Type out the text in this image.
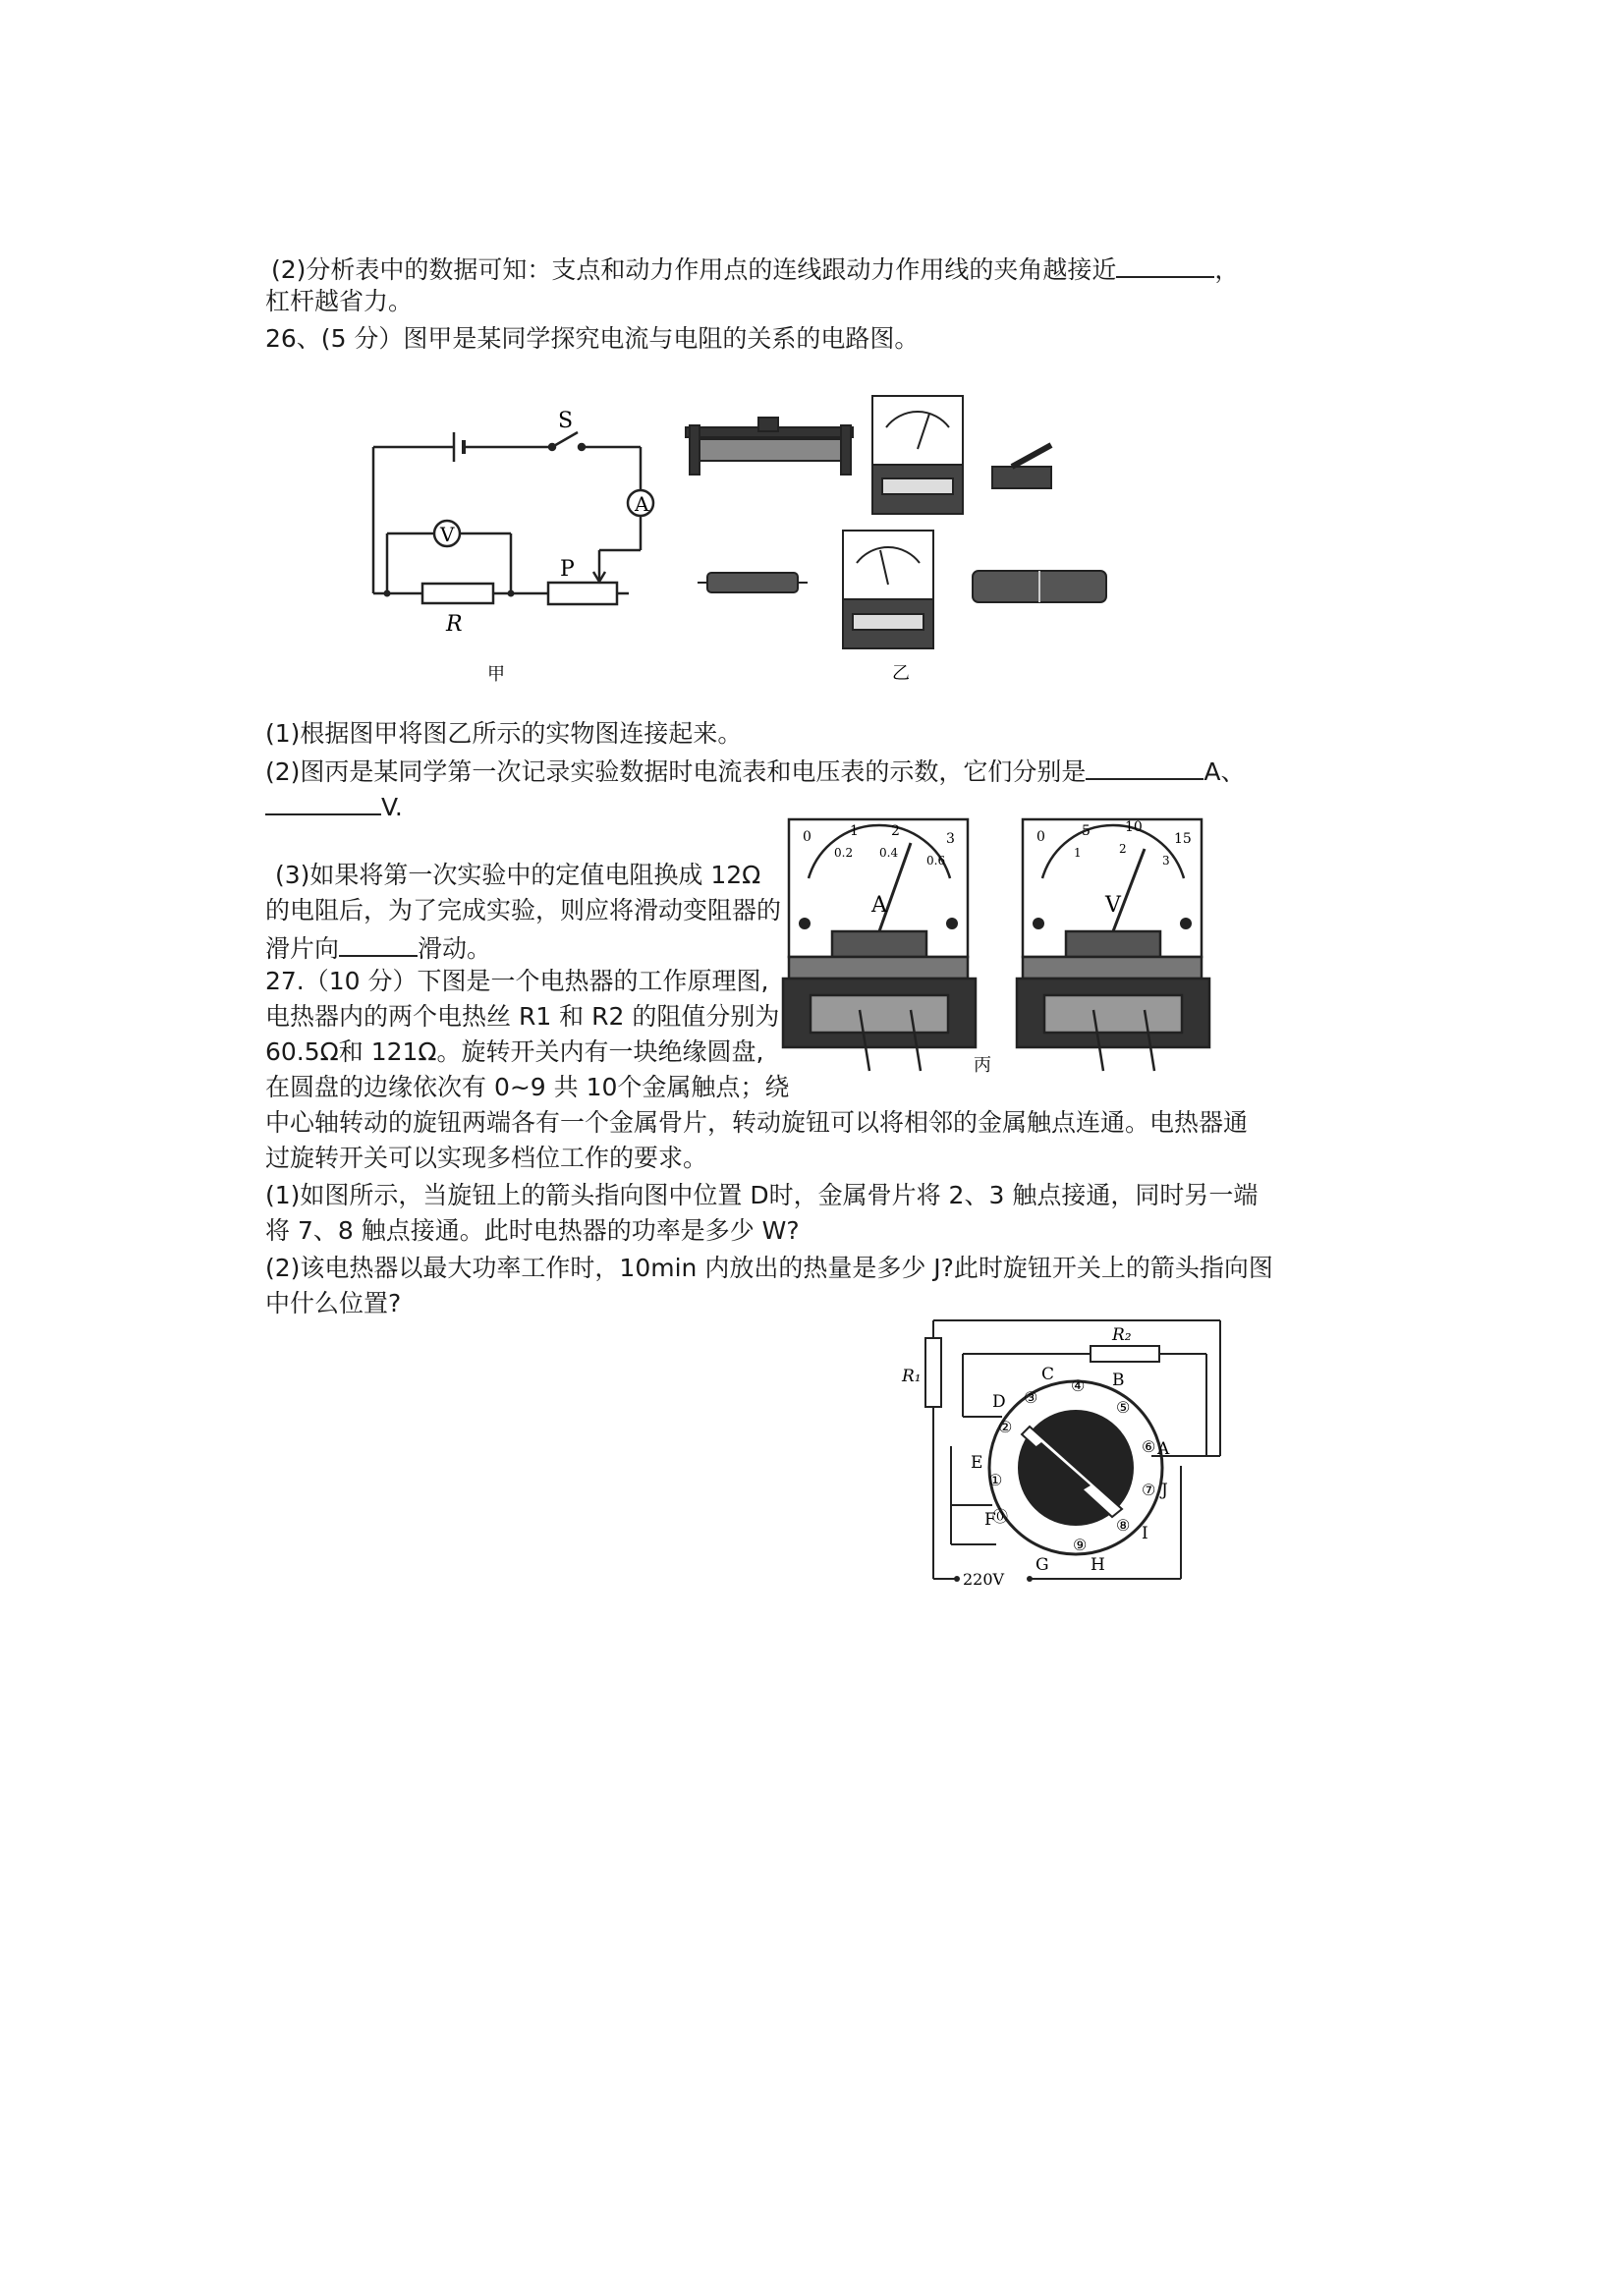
(2)分析表中的数据可知：支点和动力作用点的连线跟动力作用线的夹角越接近	，
杠杆越省力。
26、(5 分）图甲是某同学探究电流与电阻的关系的电路图。
S
A
V
P
R
甲	乙
(1)根据图甲将图乙所示的实物图连接起来。
(2)图丙是某同学第一次记录实验数据时电流表和电压表的示数，它们分别是	A、
V.
(3)如果将第一次实验中的定值电阻换成 12Ω
的电阻后，为了完成实验，则应将滑动变阻器的
滑片向	滑动。
0	1 2	3
0.2 0.4
0.6
A
0	5	10
15
1	2
3
V
丙
27.（10 分）下图是一个电热器的工作原理图,
电热器内的两个电热丝 R1 和 R2 的阻值分别为
60.5Ω和 121Ω。旋转开关内有一块绝缘圆盘,
在圆盘的边缘依次有 0~9 共 10个金属触点；绕
中心轴转动的旋钮两端各有一个金属骨片，转动旋钮可以将相邻的金属触点连通。电热器通
过旋转开关可以实现多档位工作的要求。
(1)如图所示，当旋钮上的箭头指向图中位置 D时，金属骨片将 2、3 触点接通，同时另一端
将 7、8 触点接通。此时电热器的功率是多少 W?
(2)该电热器以最大功率工作时，10min 内放出的热量是多少 J?此时旋钮开关上的箭头指向图
中什么位置?
⓪
①
②
③
④
⑤
⑥
⑦
⑧
⑨
A
B
C
D
E
F
G H
I
J
R₁
R₂
220V
